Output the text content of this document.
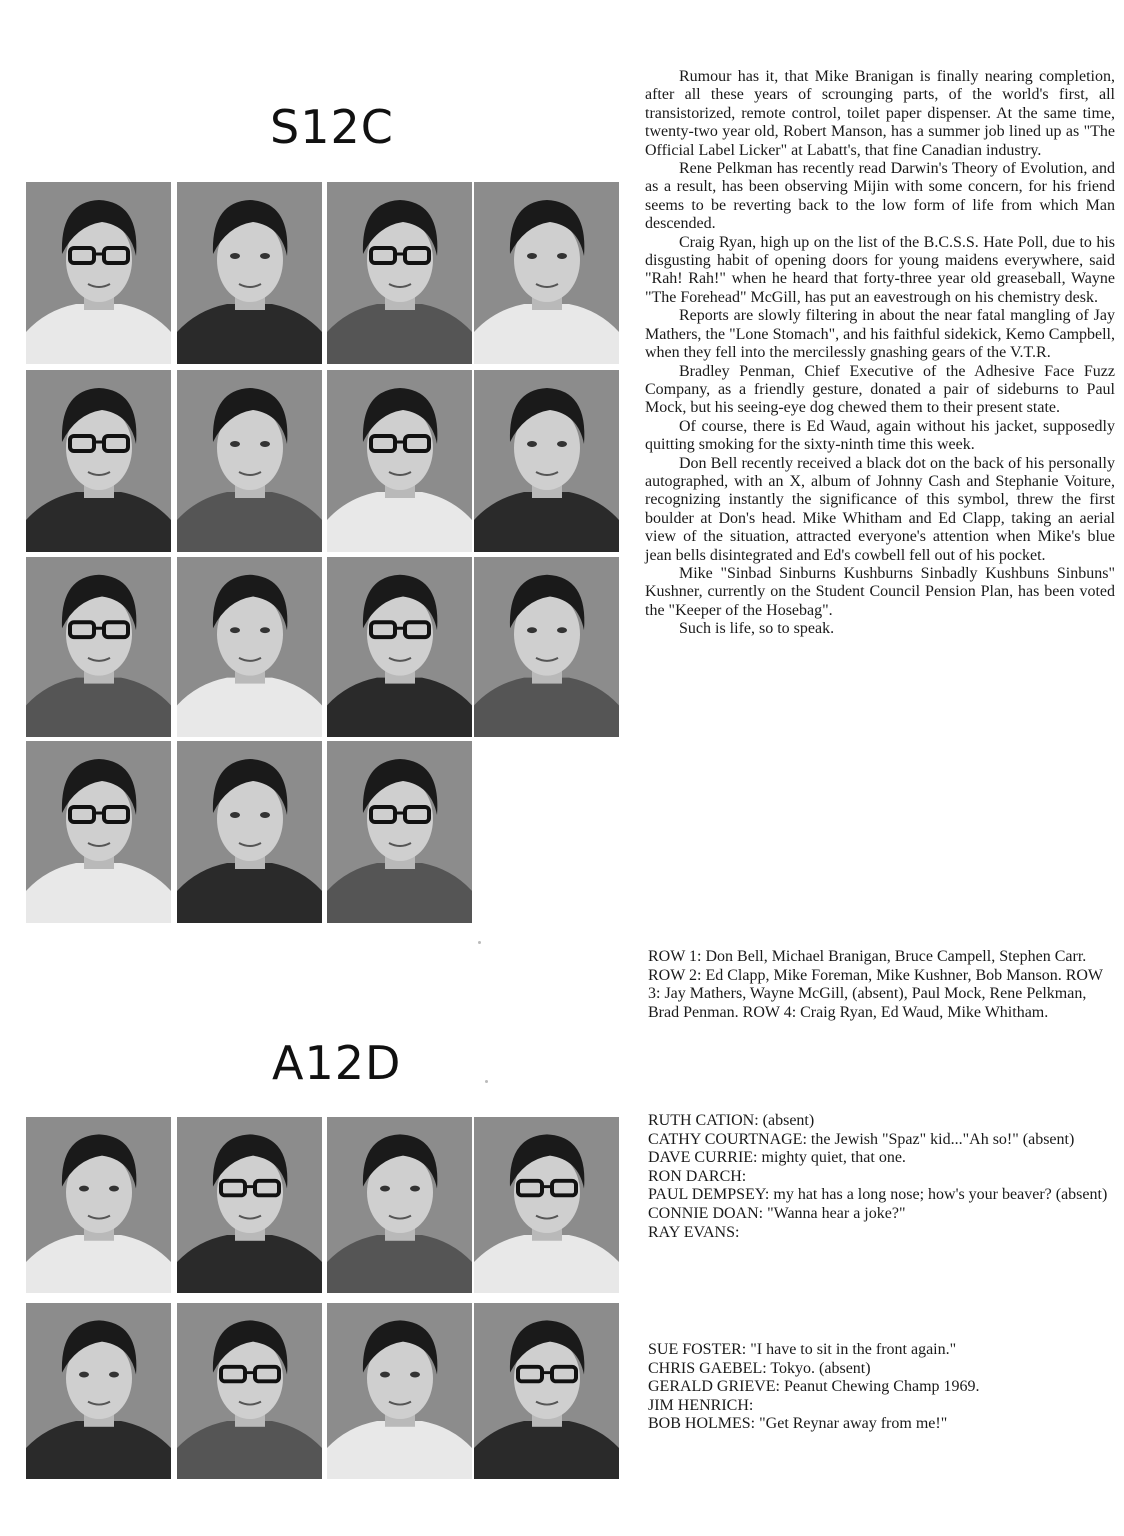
S12C
A12D

Rumour has it, that Mike Branigan is finally nearing completion, after all these years of scrounging parts, of the world's first, all transistorized, remote control, toilet paper dispenser. At the same time, twenty-two year old, Robert Manson, has a summer job lined up as "The Official Label Licker" at Labatt's, that fine Canadian industry.

Rene Pelkman has recently read Darwin's Theory of Evolution, and as a result, has been observing Mijin with some concern, for his friend seems to be reverting back to the low form of life from which Man descended.

Craig Ryan, high up on the list of the B.C.S.S. Hate Poll, due to his disgusting habit of opening doors for young maidens everywhere, said "Rah! Rah!" when he heard that forty-three year old greaseball, Wayne "The Forehead" McGill, has put an eavestrough on his chemistry desk.

Reports are slowly filtering in about the near fatal mangling of Jay Mathers, the "Lone Stomach", and his faithful sidekick, Kemo Campbell, when they fell into the mercilessly gnashing gears of the V.T.R.

Bradley Penman, Chief Executive of the Adhesive Face Fuzz Company, as a friendly gesture, donated a pair of sideburns to Paul Mock, but his seeing-eye dog chewed them to their present state.

Of course, there is Ed Waud, again without his jacket, supposedly quitting smoking for the sixty-ninth time this week.

Don Bell recently received a black dot on the back of his personally autographed, with an X, album of Johnny Cash and Stephanie Voiture, recognizing instantly the significance of this symbol, threw the first boulder at Don's head. Mike Whitham and Ed Clapp, taking an aerial view of the situation, attracted everyone's attention when Mike's blue jean bells disintegrated and Ed's cowbell fell out of his pocket.

Mike "Sinbad Sinburns Kushburns Sinbadly Kushbuns Sinbuns" Kushner, currently on the Student Council Pension Plan, has been voted the "Keeper of the Hosebag".

Such is life, so to speak.

ROW 1: Don Bell, Michael Branigan, Bruce Campell, Stephen Carr. ROW 2: Ed Clapp, Mike Foreman, Mike Kushner, Bob Manson. ROW 3: Jay Mathers, Wayne McGill, (absent), Paul Mock, Rene Pelkman, Brad Penman. ROW 4: Craig Ryan, Ed Waud, Mike Whitham.

RUTH CATION: (absent)
CATHY COURTNAGE: the Jewish "Spaz" kid..."Ah so!" (absent)
DAVE CURRIE: mighty quiet, that one.
RON DARCH:
PAUL DEMPSEY: my hat has a long nose; how's your beaver? (absent)
CONNIE DOAN: "Wanna hear a joke?"
RAY EVANS:
SUE FOSTER: "I have to sit in the front again."
CHRIS GAEBEL: Tokyo. (absent)
GERALD GRIEVE: Peanut Chewing Champ 1969.
JIM HENRICH:
BOB HOLMES: "Get Reynar away from me!"
